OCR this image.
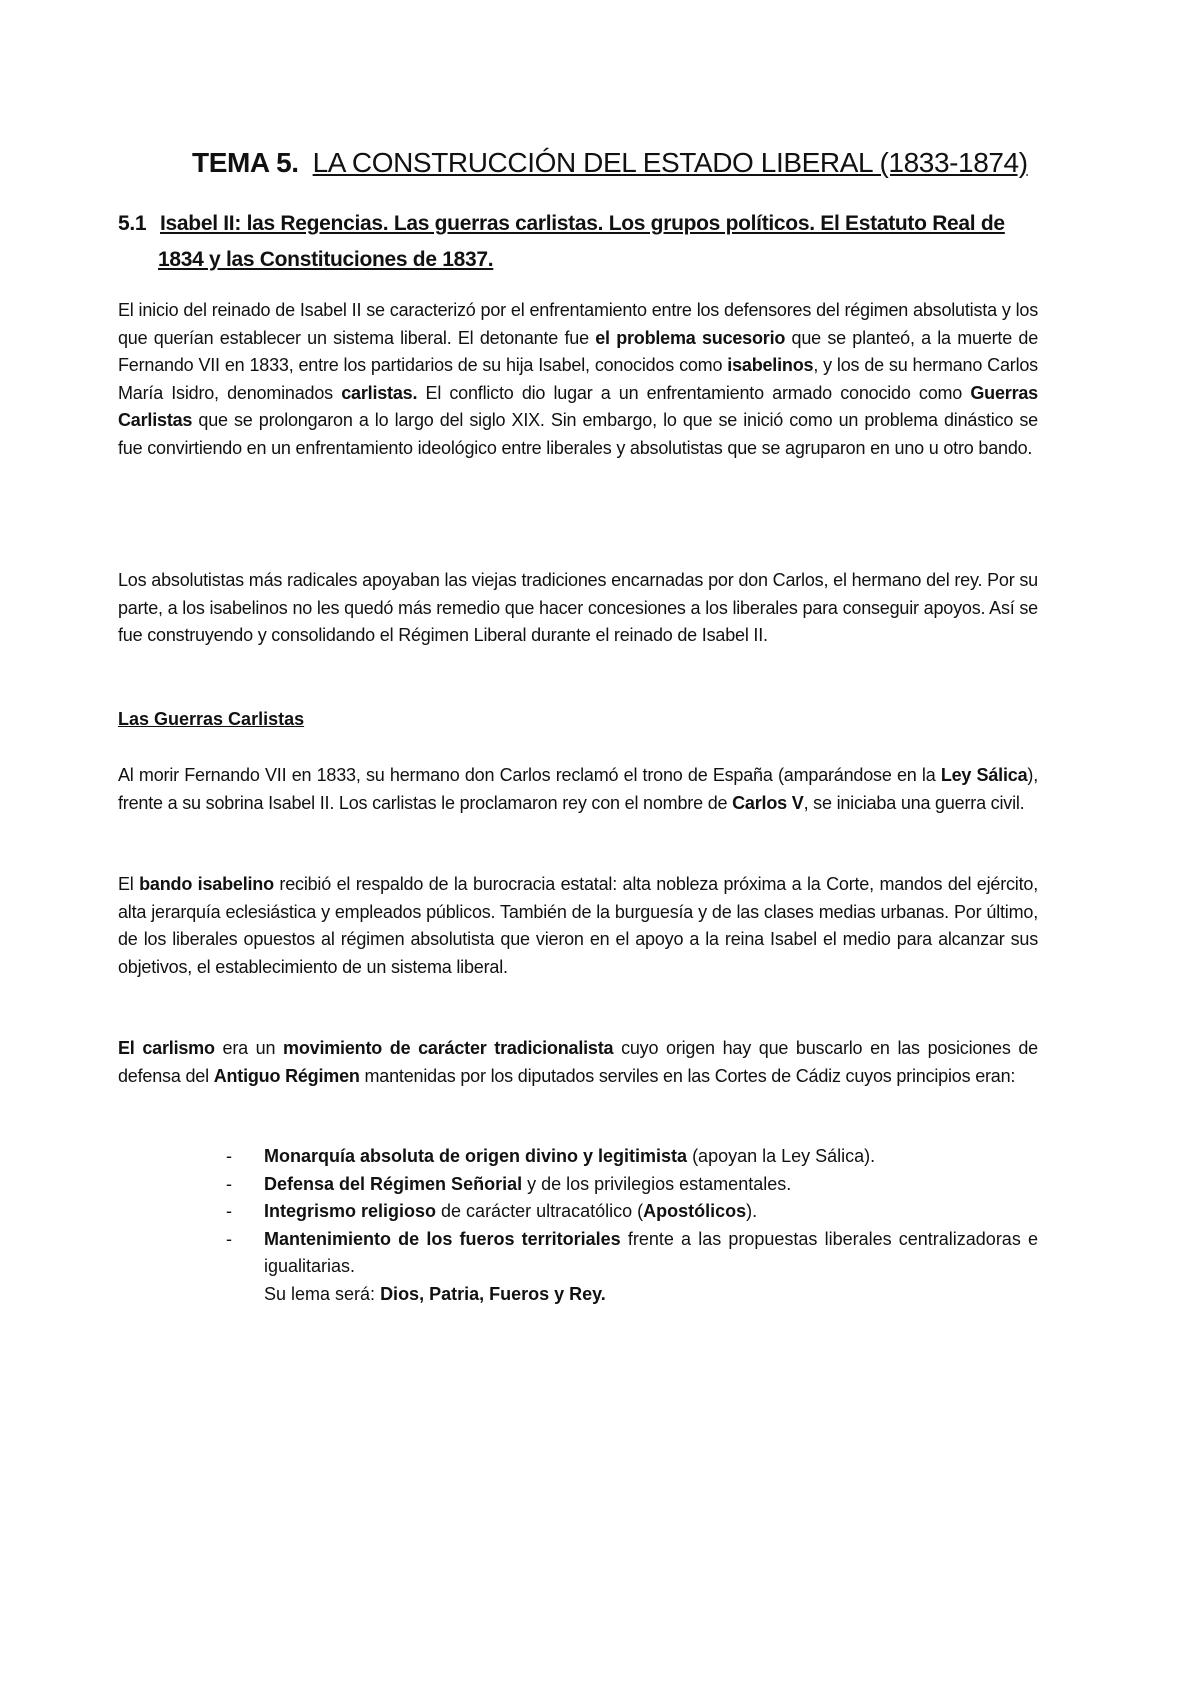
TEMA 5. LA CONSTRUCCIÓN DEL ESTADO LIBERAL (1833-1874)
5.1 Isabel II: las Regencias. Las guerras carlistas. Los grupos políticos. El Estatuto Real de
1834 y las Constituciones de 1837.
El inicio del reinado de Isabel II se caracterizó por el enfrentamiento entre los defensores del régimen absolutista y los que querían establecer un sistema liberal. El detonante fue el problema sucesorio que se planteó, a la muerte de Fernando VII en 1833, entre los partidarios de su hija Isabel, conocidos como isabelinos, y los de su hermano Carlos María Isidro, denominados carlistas. El conflicto dio lugar a un enfrentamiento armado conocido como Guerras Carlistas que se prolongaron a lo largo del siglo XIX. Sin embargo, lo que se inició como un problema dinástico se fue convirtiendo en un enfrentamiento ideológico entre liberales y absolutistas que se agruparon en uno u otro bando.
Los absolutistas más radicales apoyaban las viejas tradiciones encarnadas por don Carlos, el hermano del rey. Por su parte, a los isabelinos no les quedó más remedio que hacer concesiones a los liberales para conseguir apoyos. Así se fue construyendo y consolidando el Régimen Liberal durante el reinado de Isabel II.
Las Guerras Carlistas
Al morir Fernando VII en 1833, su hermano don Carlos reclamó el trono de España (amparándose en la Ley Sálica), frente a su sobrina Isabel II. Los carlistas le proclamaron rey con el nombre de Carlos V, se iniciaba una guerra civil.
El bando isabelino recibió el respaldo de la burocracia estatal: alta nobleza próxima a la Corte, mandos del ejército, alta jerarquía eclesiástica y empleados públicos. También de la burguesía y de las clases medias urbanas. Por último, de los liberales opuestos al régimen absolutista que vieron en el apoyo a la reina Isabel el medio para alcanzar sus objetivos, el establecimiento de un sistema liberal.
El carlismo era un movimiento de carácter tradicionalista cuyo origen hay que buscarlo en las posiciones de defensa del Antiguo Régimen mantenidas por los diputados serviles en las Cortes de Cádiz cuyos principios eran:
- Monarquía absoluta de origen divino y legitimista (apoyan la Ley Sálica).
- Defensa del Régimen Señorial y de los privilegios estamentales.
- Integrismo religioso de carácter ultracatólico (Apostólicos).
- Mantenimiento de los fueros territoriales frente a las propuestas liberales centralizadoras e igualitarias.
Su lema será: Dios, Patria, Fueros y Rey.
